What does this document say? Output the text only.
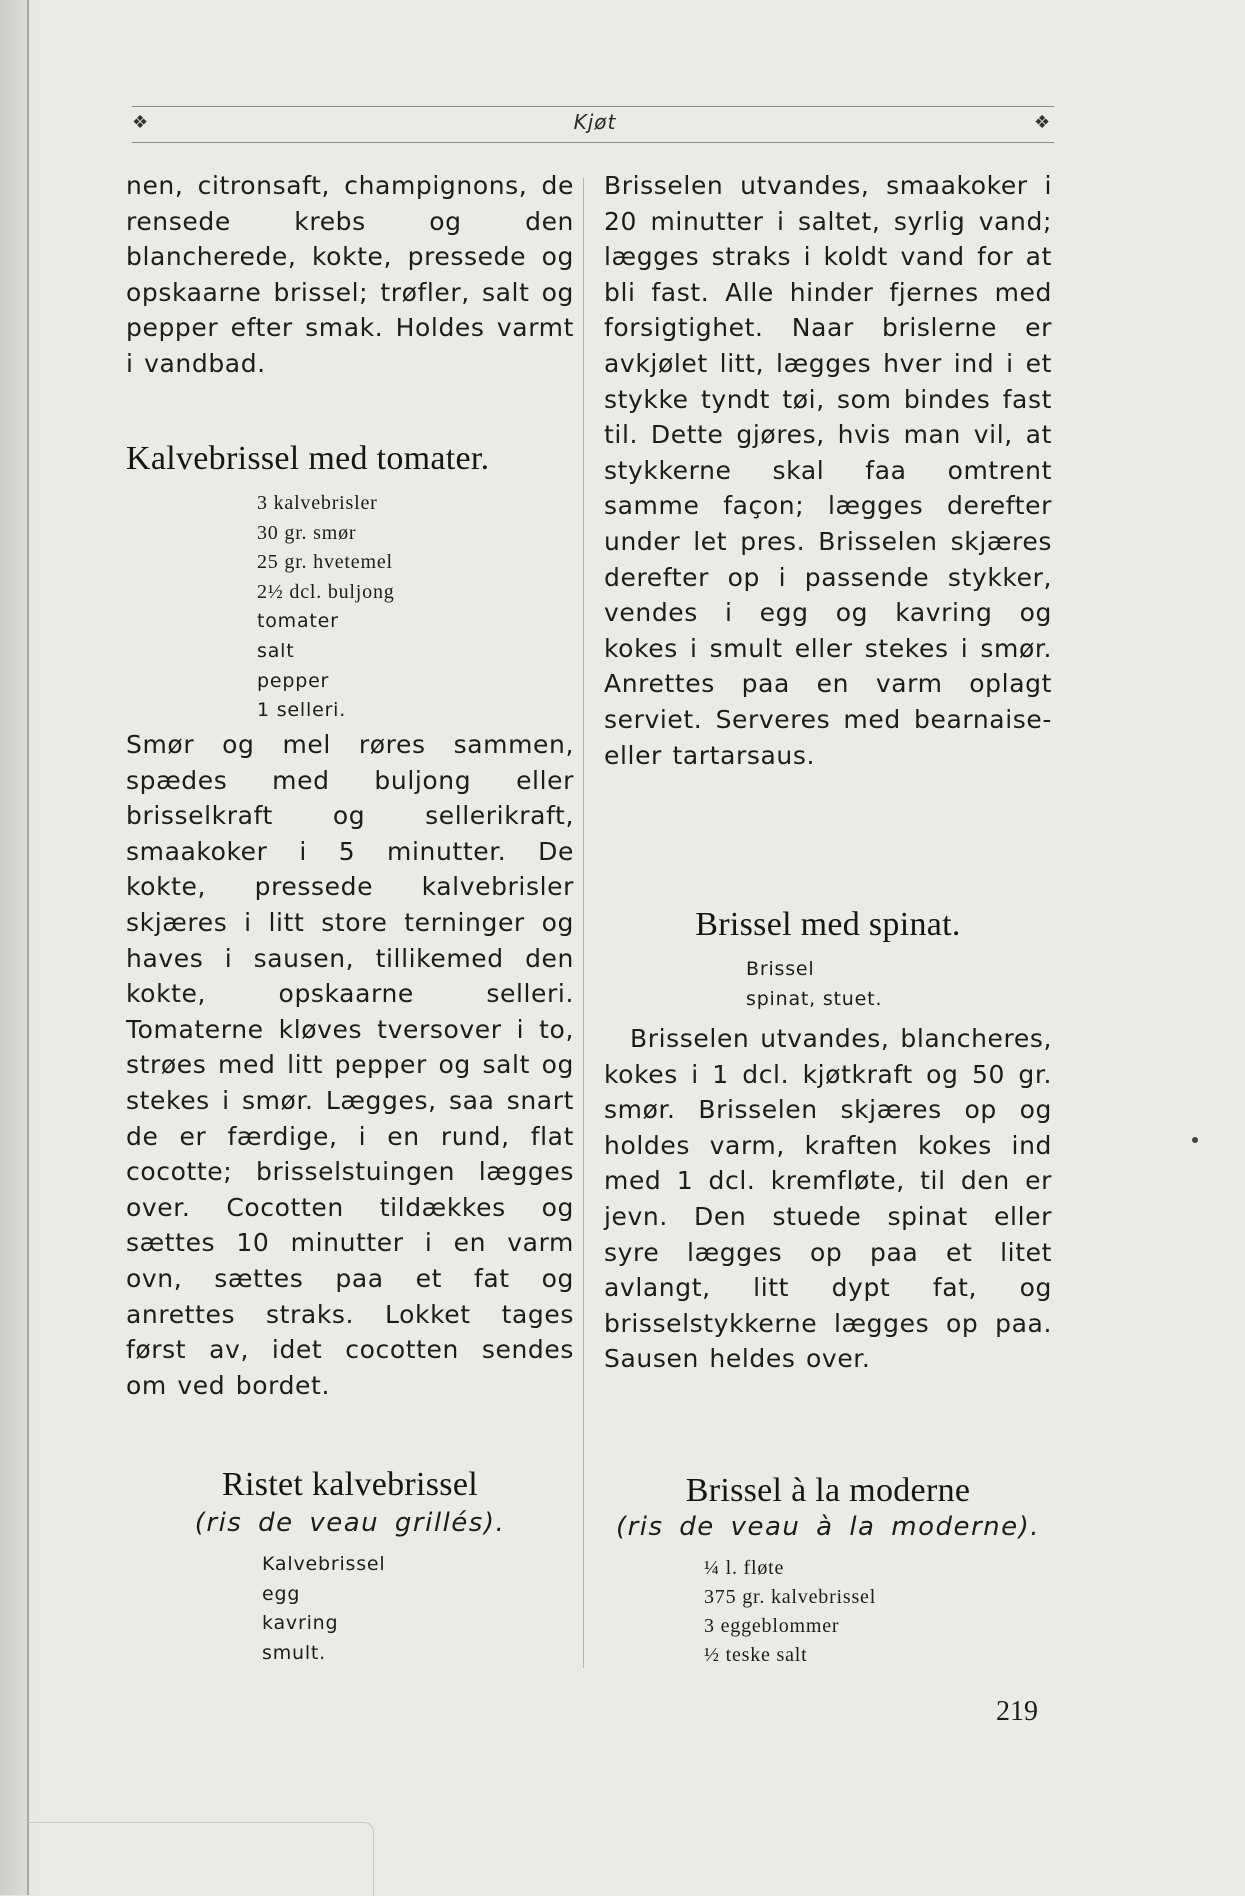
❖	Kjøt	❖

nen, citronsaft, champignons, de rensede krebs og den blancherede, kokte, pressede og opskaarne brissel; trøfler, salt og pepper efter smak. Holdes varmt i vandbad.

Kalvebrissel med tomater.
3 kalvebrisler
30 gr. smør
25 gr. hvetemel
2½ dcl. buljong
tomater
salt
pepper
1 selleri.

Smør og mel røres sammen, spædes med buljong eller brisselkraft og sellerikraft, smaakoker i 5 minutter. De kokte, pressede kalvebrisler skjæres i litt store terninger og haves i sausen, tillikemed den kokte, opskaarne selleri. Tomaterne kløves tversover i to, strøes med litt pepper og salt og stekes i smør. Lægges, saa snart de er færdige, i en rund, flat cocotte; brisselstuingen lægges over. Cocotten tildækkes og sættes 10 minutter i en varm ovn, sættes paa et fat og anrettes straks. Lokket tages først av, idet cocotten sendes om ved bordet.

Ristet kalvebrissel

(ris de veau grillés).

Kalvebrissel
egg
kavring
smult.

Brisselen utvandes, smaakoker i 20 minutter i saltet, syrlig vand; lægges straks i koldt vand for at bli fast. Alle hinder fjernes med forsigtighet. Naar brislerne er avkjølet litt, lægges hver ind i et stykke tyndt tøi, som bindes fast til. Dette gjøres, hvis man vil, at stykkerne skal faa omtrent samme façon; lægges derefter under let pres. Brisselen skjæres derefter op i passende stykker, vendes i egg og kavring og kokes i smult eller stekes i smør. Anrettes paa en varm oplagt serviet. Serveres med bearnaise- eller tartarsaus.

Brissel med spinat.
Brissel
spinat, stuet.

Brisselen utvandes, blancheres, kokes i 1 dcl. kjøtkraft og 50 gr. smør. Brisselen skjæres op og holdes varm, kraften kokes ind med 1 dcl. kremfløte, til den er jevn. Den stuede spinat eller syre lægges op paa et litet avlangt, litt dypt fat, og brisselstykkerne lægges op paa. Sausen heldes over.

Brissel à la moderne

(ris de veau à la moderne).

¼ l. fløte
375 gr. kalvebrissel
3 eggeblommer
½ teske salt
219
